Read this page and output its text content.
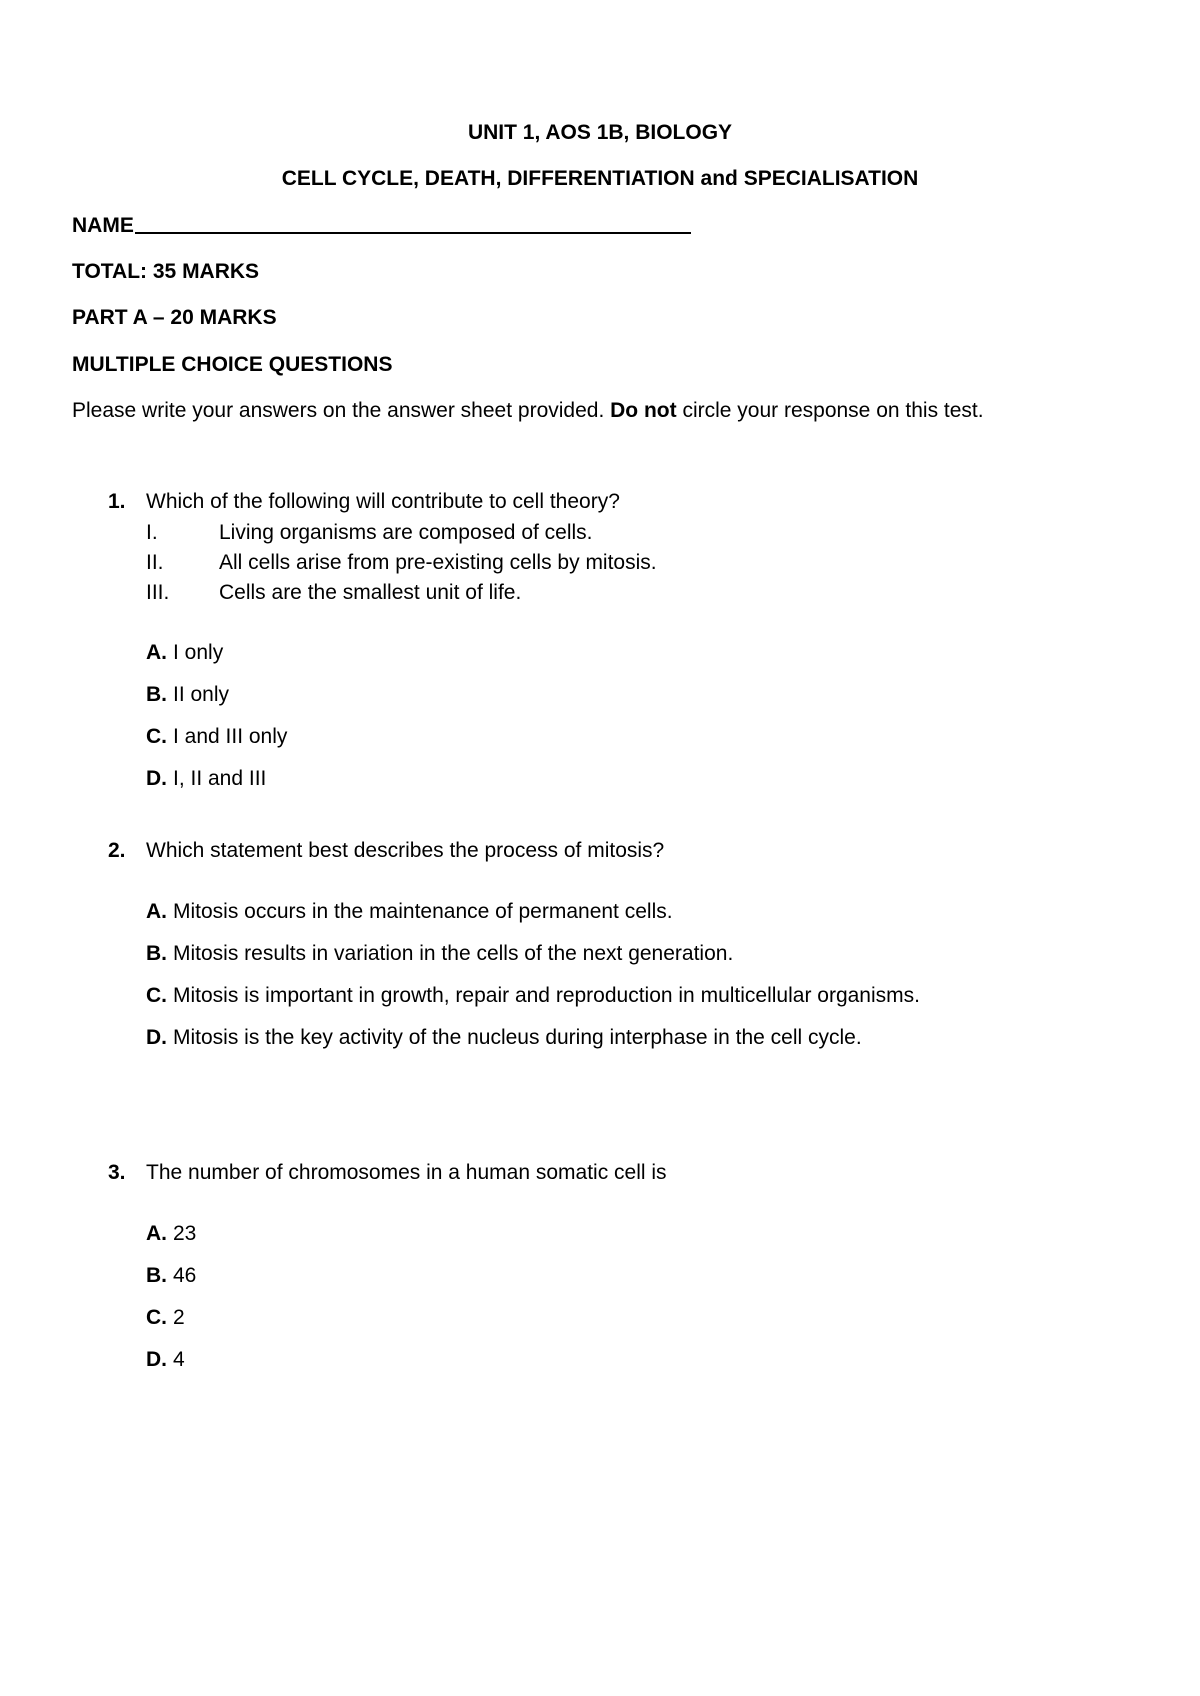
UNIT 1, AOS 1B, BIOLOGY
CELL CYCLE, DEATH, DIFFERENTIATION and SPECIALISATION
NAME
TOTAL: 35 MARKS
PART A – 20 MARKS
MULTIPLE CHOICE QUESTIONS
Please write your answers on the answer sheet provided. Do not circle your response on this test.
1. Which of the following will contribute to cell theory?
I.	Living organisms are composed of cells.
II.	All cells arise from pre-existing cells by mitosis.
III. Cells are the smallest unit of life.
A. I only
B. II only
C. I and III only
D. I, II and III
2. Which statement best describes the process of mitosis?
A. Mitosis occurs in the maintenance of permanent cells.
B. Mitosis results in variation in the cells of the next generation.
C. Mitosis is important in growth, repair and reproduction in multicellular organisms.
D. Mitosis is the key activity of the nucleus during interphase in the cell cycle.
3. The number of chromosomes in a human somatic cell is
A. 23
B. 46
C. 2
D. 4
